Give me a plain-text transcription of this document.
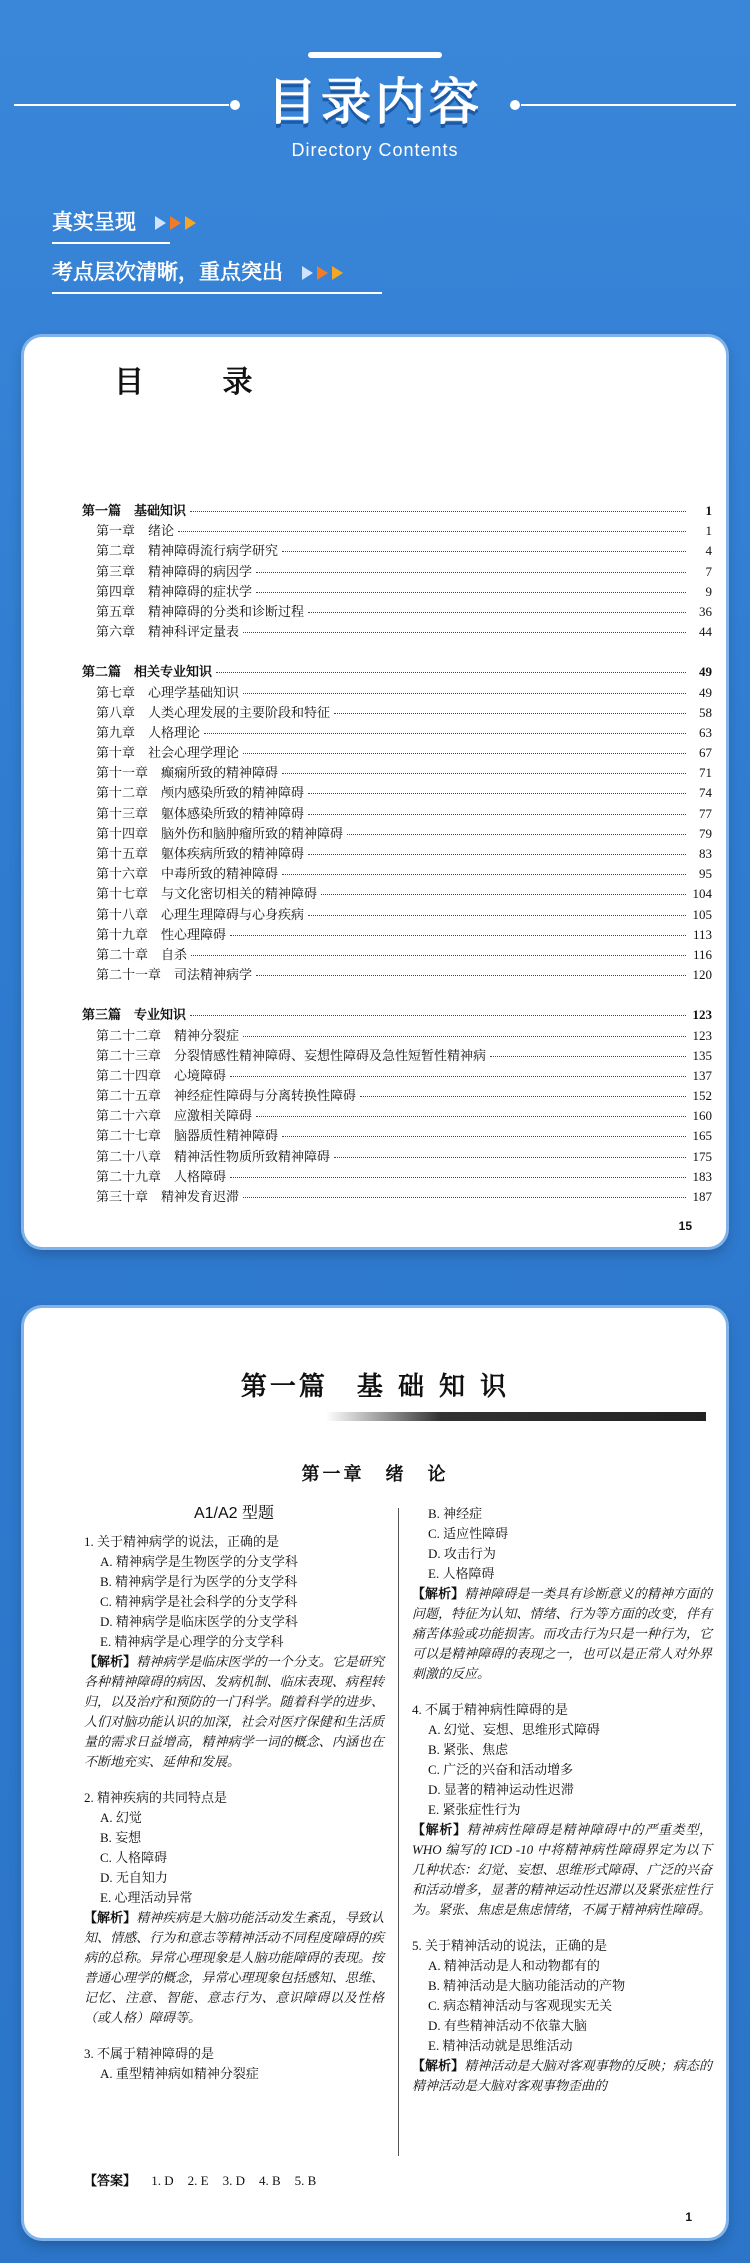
目录内容
Directory Contents
真实呈现
考点层次清晰，重点突出
目 录
第一篇　基础知识	1
第一章　绪论	1
第二章　精神障碍流行病学研究	4
第三章　精神障碍的病因学	7
第四章　精神障碍的症状学	9
第五章　精神障碍的分类和诊断过程	36
第六章　精神科评定量表	44
第二篇　相关专业知识	49
第七章　心理学基础知识	49
第八章　人类心理发展的主要阶段和特征	58
第九章　人格理论	63
第十章　社会心理学理论	67
第十一章　癫痫所致的精神障碍	71
第十二章　颅内感染所致的精神障碍	74
第十三章　躯体感染所致的精神障碍	77
第十四章　脑外伤和脑肿瘤所致的精神障碍	79
第十五章　躯体疾病所致的精神障碍	83
第十六章　中毒所致的精神障碍	95
第十七章　与文化密切相关的精神障碍	104
第十八章　心理生理障碍与心身疾病	105
第十九章　性心理障碍	113
第二十章　自杀	116
第二十一章　司法精神病学	120
第三篇　专业知识	123
第二十二章　精神分裂症	123
第二十三章　分裂情感性精神障碍、妄想性障碍及急性短暂性精神病	135
第二十四章　心境障碍	137
第二十五章　神经症性障碍与分离转换性障碍	152
第二十六章　应激相关障碍	160
第二十七章　脑器质性精神障碍	165
第二十八章　精神活性物质所致精神障碍	175
第二十九章　人格障碍	183
第三十章　精神发育迟滞	187
15
第一篇　基 础 知 识
第一章　绪　论
A1/A2 型题
1. 关于精神病学的说法，正确的是
A. 精神病学是生物医学的分支学科
B. 精神病学是行为医学的分支学科
C. 精神病学是社会科学的分支学科
D. 精神病学是临床医学的分支学科
E. 精神病学是心理学的分支学科
【解析】精神病学是临床医学的一个分支。它是研究各种精神障碍的病因、发病机制、临床表现、病程转归，以及治疗和预防的一门科学。随着科学的进步、人们对脑功能认识的加深，社会对医疗保健和生活质量的需求日益增高，精神病学一词的概念、内涵也在不断地充实、延伸和发展。
2. 精神疾病的共同特点是
A. 幻觉
B. 妄想
C. 人格障碍
D. 无自知力
E. 心理活动异常
【解析】精神疾病是大脑功能活动发生紊乱，导致认知、情感、行为和意志等精神活动不同程度障碍的疾病的总称。异常心理现象是人脑功能障碍的表现。按普通心理学的概念，异常心理现象包括感知、思维、记忆、注意、智能、意志行为、意识障碍以及性格（或人格）障碍等。
3. 不属于精神障碍的是
A. 重型精神病如精神分裂症
B. 神经症
C. 适应性障碍
D. 攻击行为
E. 人格障碍
【解析】精神障碍是一类具有诊断意义的精神方面的问题，特征为认知、情绪、行为等方面的改变，伴有痛苦体验或功能损害。而攻击行为只是一种行为，它可以是精神障碍的表现之一，也可以是正常人对外界刺激的反应。
4. 不属于精神病性障碍的是
A. 幻觉、妄想、思维形式障碍
B. 紧张、焦虑
C. 广泛的兴奋和活动增多
D. 显著的精神运动性迟滞
E. 紧张症性行为
【解析】精神病性障碍是精神障碍中的严重类型，WHO 编写的 ICD -10 中将精神病性障碍界定为以下几种状态：幻觉、妄想、思维形式障碍、广泛的兴奋和活动增多，显著的精神运动性迟滞以及紧张症性行为。紧张、焦虑是焦虑情绪，不属于精神病性障碍。
5. 关于精神活动的说法，正确的是
A. 精神活动是人和动物都有的
B. 精神活动是大脑功能活动的产物
C. 病态精神活动与客观现实无关
D. 有些精神活动不依靠大脑
E. 精神活动就是思维活动
【解析】精神活动是大脑对客观事物的反映；病态的精神活动是大脑对客观事物歪曲的
【答案】 1. D 2. E 3. D 4. B 5. B
1
